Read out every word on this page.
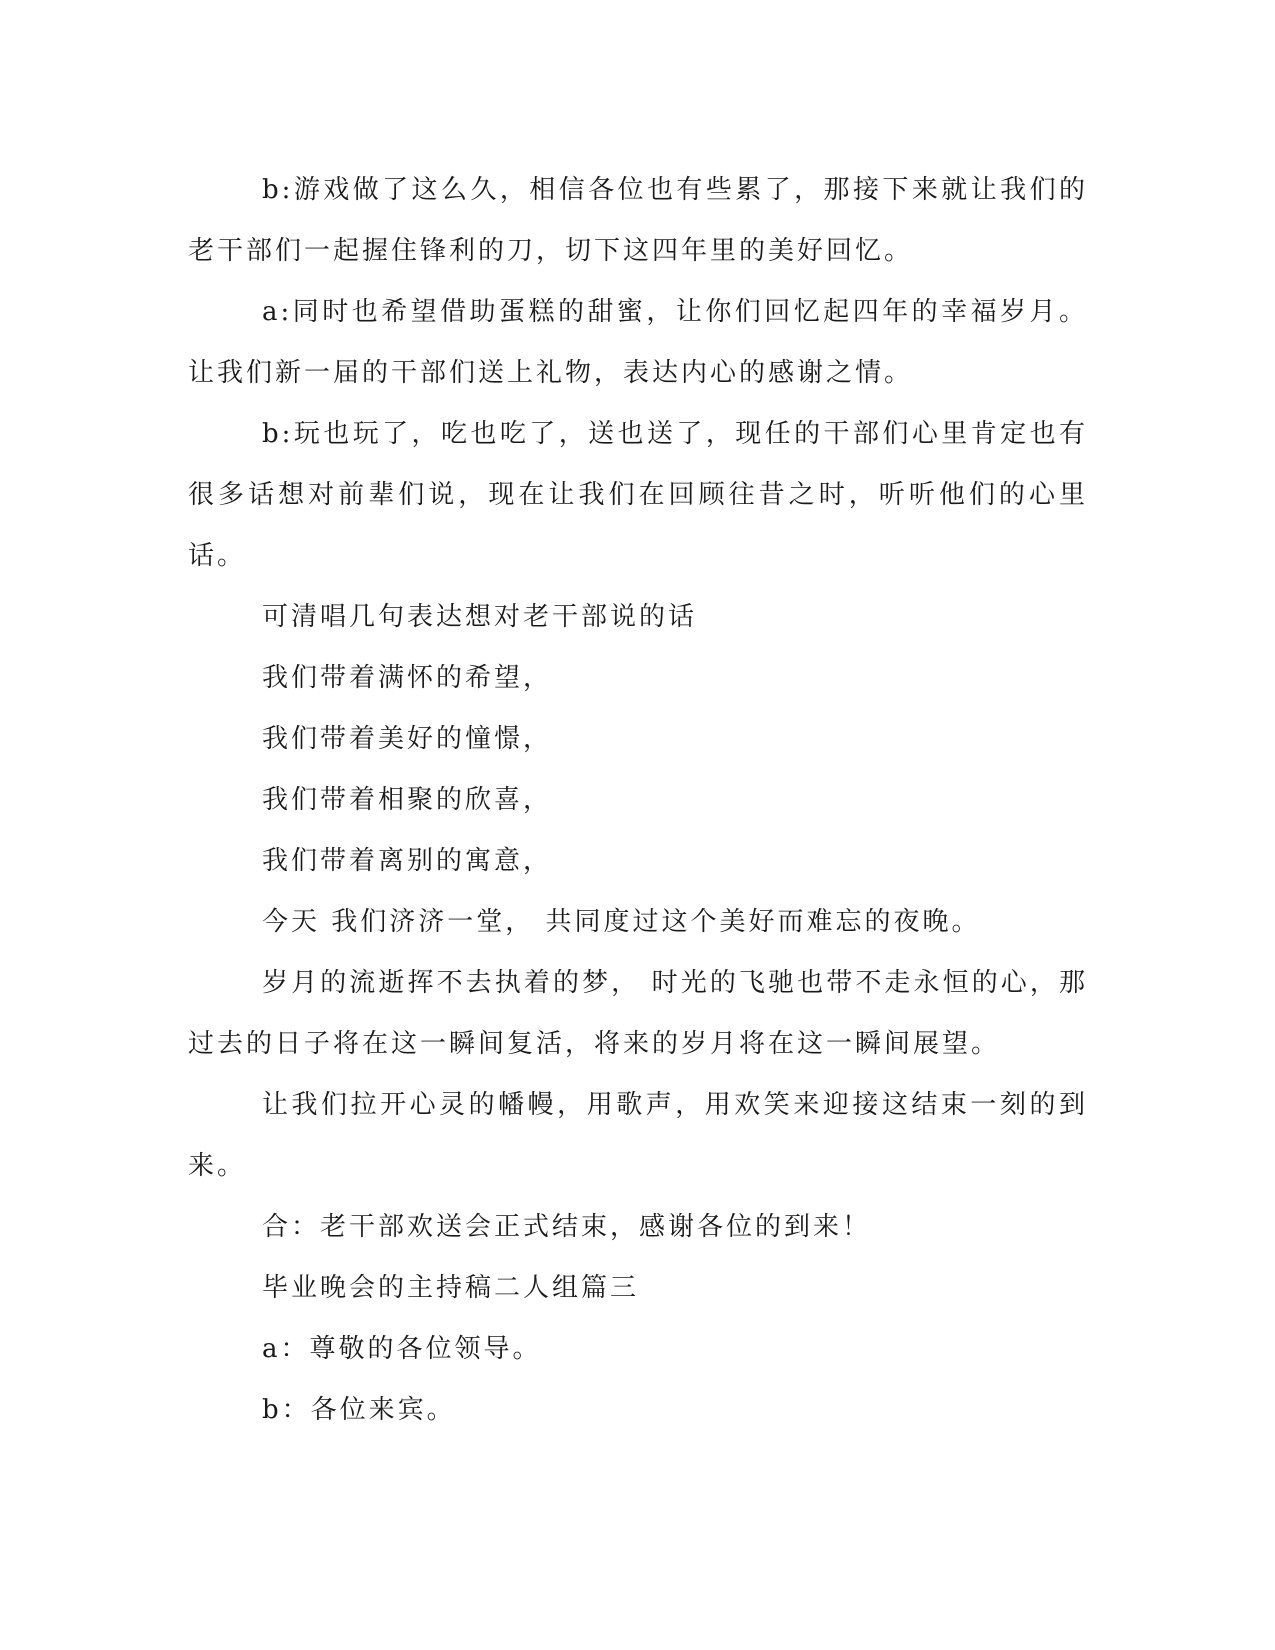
b:游戏做了这么久，相信各位也有些累了，那接下来就让我们的老干部们一起握住锋利的刀，切下这四年里的美好回忆。

a:同时也希望借助蛋糕的甜蜜，让你们回忆起四年的幸福岁月。让我们新一届的干部们送上礼物，表达内心的感谢之情。

b:玩也玩了，吃也吃了，送也送了，现任的干部们心里肯定也有很多话想对前辈们说，现在让我们在回顾往昔之时，听听他们的心里话。

可清唱几句表达想对老干部说的话

我们带着满怀的希望，

我们带着美好的憧憬，

我们带着相聚的欣喜，

我们带着离别的寓意，

今天 我们济济一堂， 共同度过这个美好而难忘的夜晚。

岁月的流逝挥不去执着的梦， 时光的飞驰也带不走永恒的心，那过去的日子将在这一瞬间复活，将来的岁月将在这一瞬间展望。

让我们拉开心灵的幡幔，用歌声，用欢笑来迎接这结束一刻的到来。

合：老干部欢送会正式结束，感谢各位的到来！

毕业晚会的主持稿二人组篇三

a：尊敬的各位领导。

b：各位来宾。
